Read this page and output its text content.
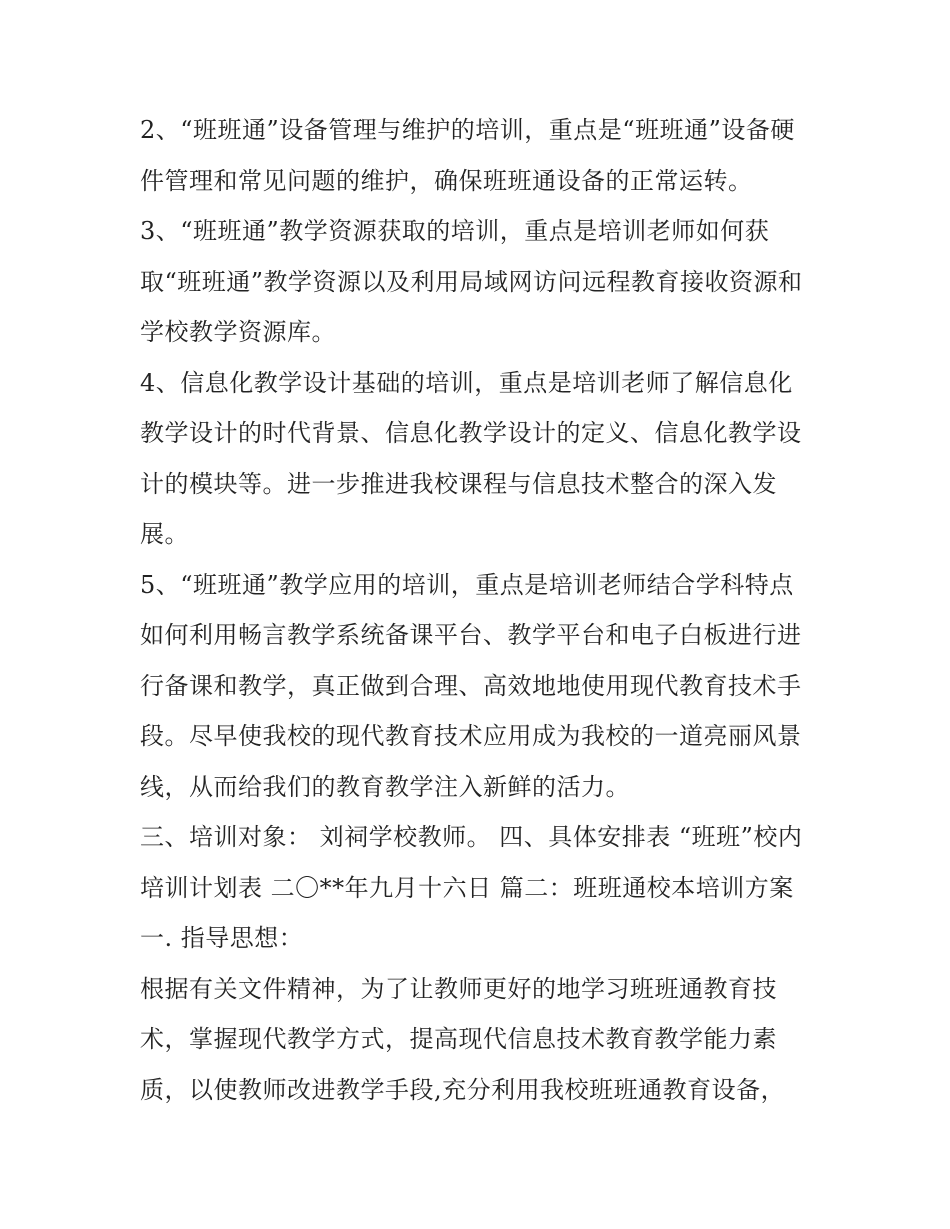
2、“班班通”设备管理与维护的培训，重点是“班班通”设备硬
件管理和常见问题的维护，确保班班通设备的正常运转。
3、“班班通”教学资源获取的培训，重点是培训老师如何获
取“班班通”教学资源以及利用局域网访问远程教育接收资源和
学校教学资源库。
4、信息化教学设计基础的培训，重点是培训老师了解信息化
教学设计的时代背景、信息化教学设计的定义、信息化教学设
计的模块等。进一步推进我校课程与信息技术整合的深入发
展。
5、“班班通”教学应用的培训，重点是培训老师结合学科特点
如何利用畅言教学系统备课平台、教学平台和电子白板进行进
行备课和教学，真正做到合理、高效地地使用现代教育技术手
段。尽早使我校的现代教育技术应用成为我校的一道亮丽风景
线，从而给我们的教育教学注入新鲜的活力。
三、培训对象： 刘祠学校教师。 四、具体安排表 “班班”校内
培训计划表 二〇**年九月十六日 篇二：班班通校本培训方案
一. 指导思想：
根据有关文件精神，为了让教师更好的地学习班班通教育技
术，掌握现代教学方式，提高现代信息技术教育教学能力素
质，以使教师改进教学手段,充分利用我校班班通教育设备，
